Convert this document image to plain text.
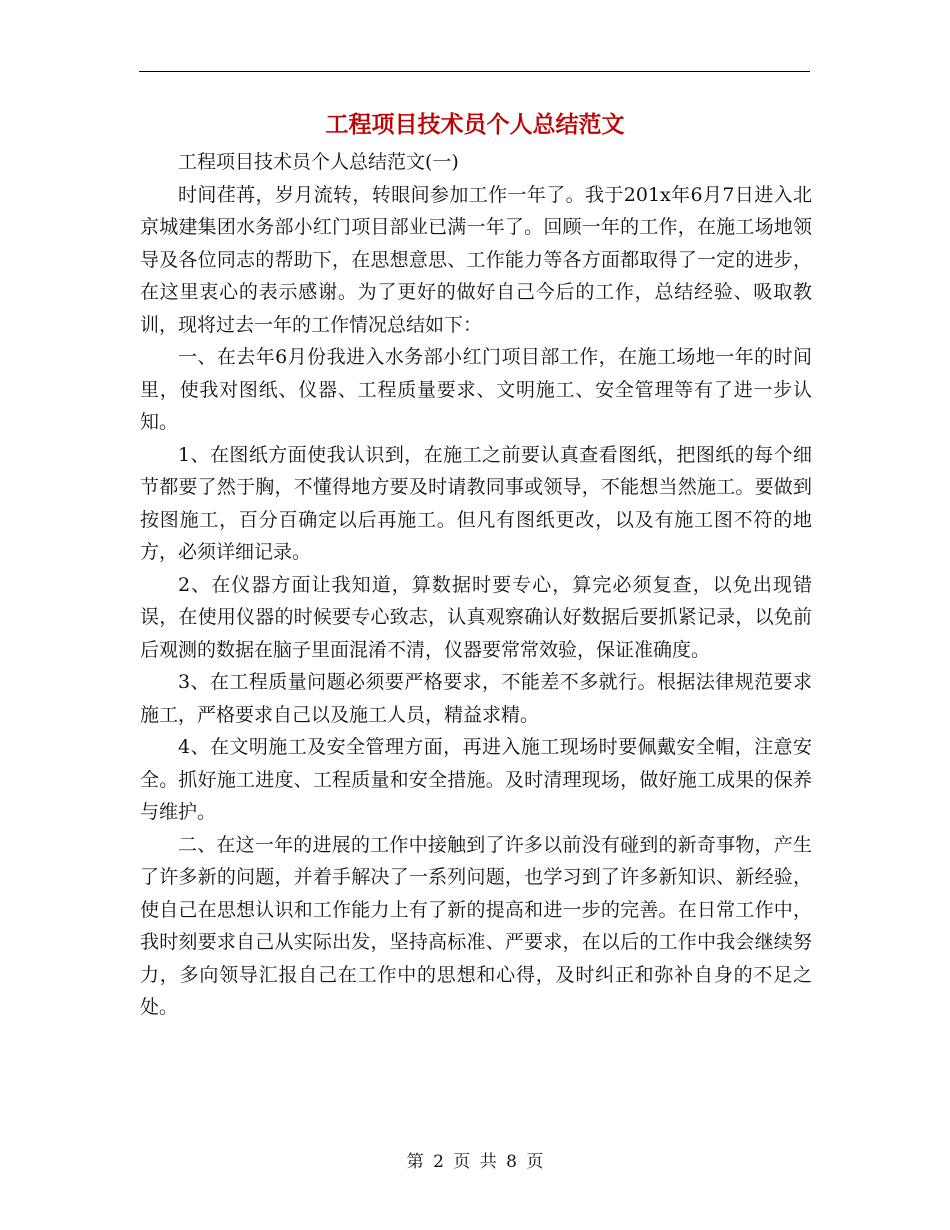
工程项目技术员个人总结范文

工程项目技术员个人总结范文(一)

时间荏苒，岁月流转，转眼间参加工作一年了。我于201x年6月7日进入北京城建集团水务部小红门项目部业已满一年了。回顾一年的工作，在施工场地领导及各位同志的帮助下，在思想意思、工作能力等各方面都取得了一定的进步，在这里衷心的表示感谢。为了更好的做好自己今后的工作，总结经验、吸取教训，现将过去一年的工作情况总结如下：

一、在去年6月份我进入水务部小红门项目部工作，在施工场地一年的时间里，使我对图纸、仪器、工程质量要求、文明施工、安全管理等有了进一步认知。

1、在图纸方面使我认识到，在施工之前要认真查看图纸，把图纸的每个细节都要了然于胸，不懂得地方要及时请教同事或领导，不能想当然施工。要做到按图施工，百分百确定以后再施工。但凡有图纸更改，以及有施工图不符的地方，必须详细记录。

2、在仪器方面让我知道，算数据时要专心，算完必须复查，以免出现错误，在使用仪器的时候要专心致志，认真观察确认好数据后要抓紧记录，以免前后观测的数据在脑子里面混淆不清，仪器要常常效验，保证准确度。

3、在工程质量问题必须要严格要求，不能差不多就行。根据法律规范要求施工，严格要求自己以及施工人员，精益求精。

4、在文明施工及安全管理方面，再进入施工现场时要佩戴安全帽，注意安全。抓好施工进度、工程质量和安全措施。及时清理现场，做好施工成果的保养与维护。

二、在这一年的进展的工作中接触到了许多以前没有碰到的新奇事物，产生了许多新的问题，并着手解决了一系列问题，也学习到了许多新知识、新经验，使自己在思想认识和工作能力上有了新的提高和进一步的完善。在日常工作中，我时刻要求自己从实际出发，坚持高标准、严要求，在以后的工作中我会继续努力，多向领导汇报自己在工作中的思想和心得，及时纠正和弥补自身的不足之处。

第 2 页 共 8 页
